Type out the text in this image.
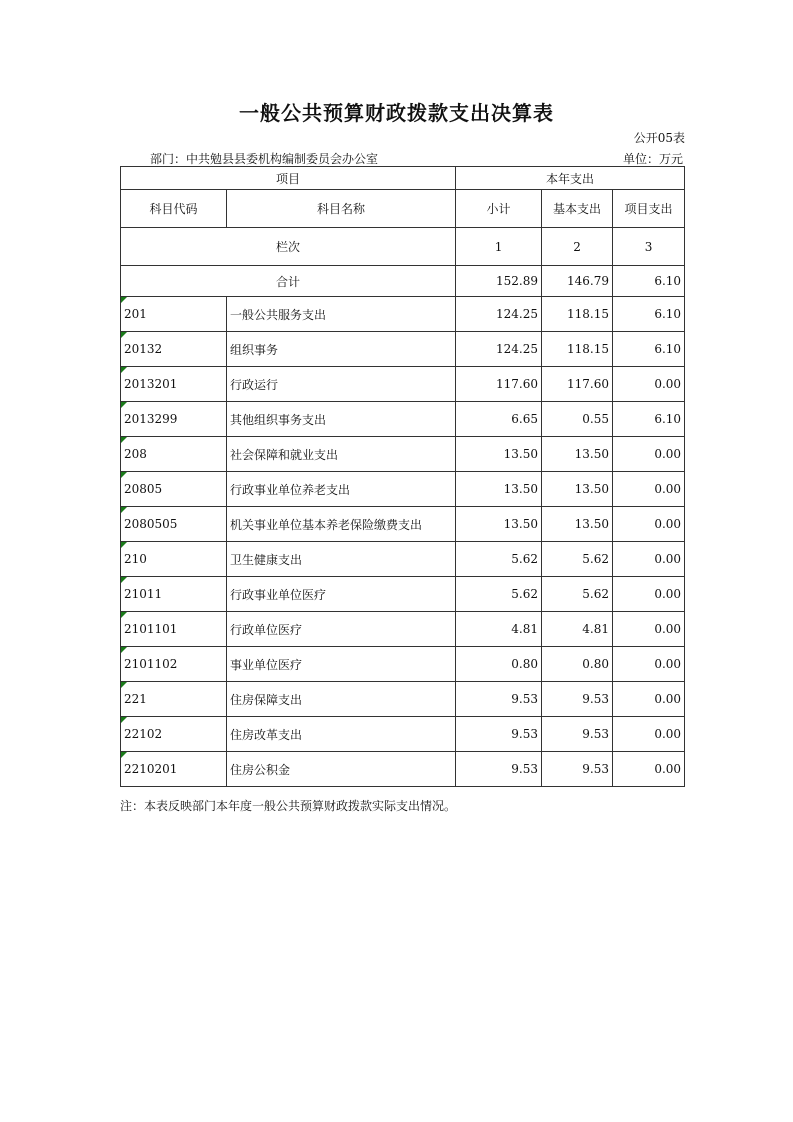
一般公共预算财政拨款支出决算表
公开05表
部门：中共勉县县委机构编制委员会办公室	单位：万元
项目		本年支出		
科目代码	科目名称	小计	基本支出	项目支出
栏次		1	2	3
合计		152.89	146.79	6.10
201	一般公共服务支出	124.25	118.15	6.10
20132	组织事务	124.25	118.15	6.10
2013201	行政运行	117.60	117.60	0.00
2013299	其他组织事务支出	6.65	0.55	6.10
208	社会保障和就业支出	13.50	13.50	0.00
20805	行政事业单位养老支出	13.50	13.50	0.00
2080505	机关事业单位基本养老保险缴费支出	13.50	13.50	0.00
210	卫生健康支出	5.62	5.62	0.00
21011	行政事业单位医疗	5.62	5.62	0.00
2101101	行政单位医疗	4.81	4.81	0.00
2101102	事业单位医疗	0.80	0.80	0.00
221	住房保障支出	9.53	9.53	0.00
22102	住房改革支出	9.53	9.53	0.00
2210201	住房公积金	9.53	9.53	0.00
注：本表反映部门本年度一般公共预算财政拨款实际支出情况。
